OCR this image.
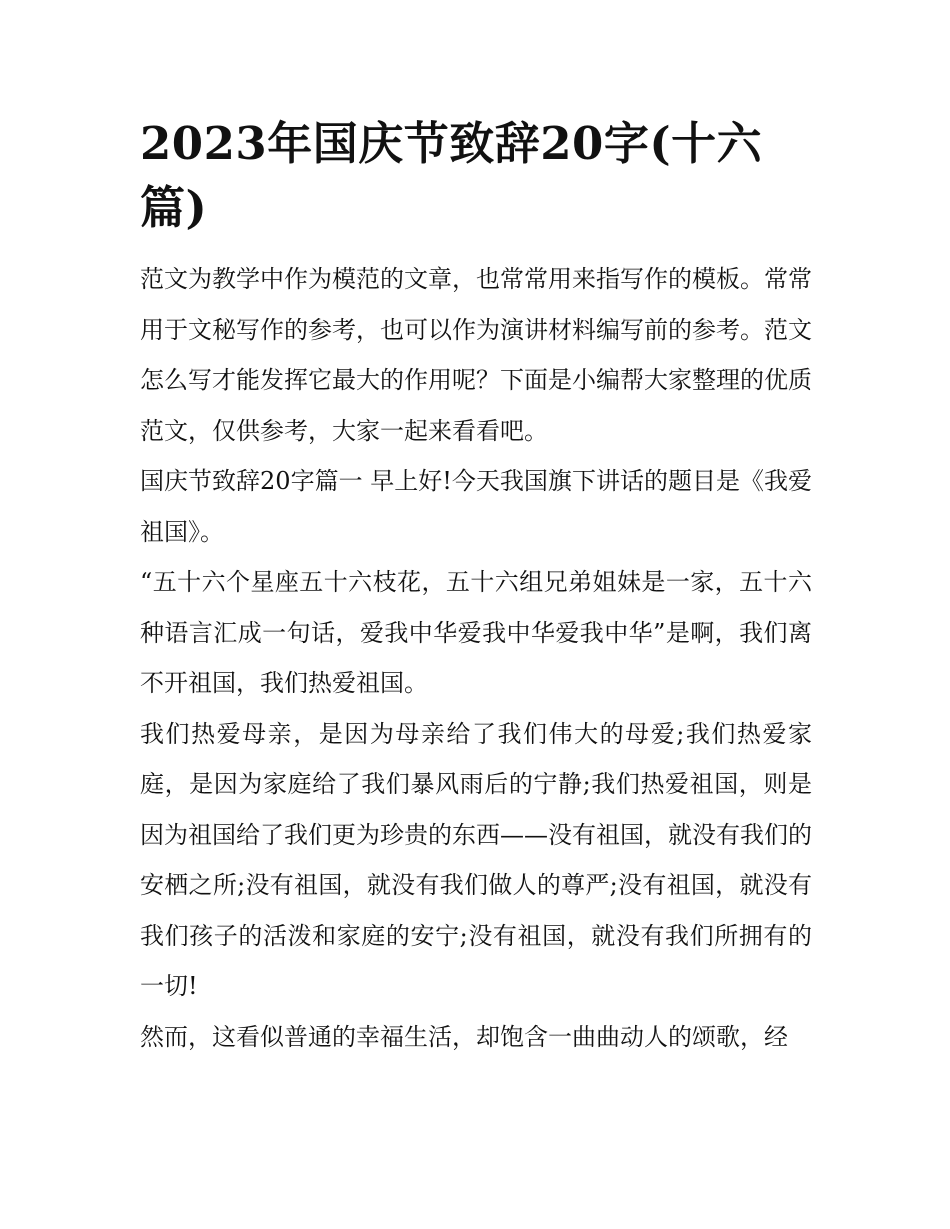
2023年国庆节致辞20字(十六篇)

范文为教学中作为模范的文章，也常常用来指写作的模板。常常用于文秘写作的参考，也可以作为演讲材料编写前的参考。范文怎么写才能发挥它最大的作用呢？下面是小编帮大家整理的优质范文，仅供参考，大家一起来看看吧。

国庆节致辞20字篇一 早上好!今天我国旗下讲话的题目是《我爱祖国》。

“五十六个星座五十六枝花，五十六组兄弟姐妹是一家，五十六种语言汇成一句话，爱我中华爱我中华爱我中华”是啊，我们离不开祖国，我们热爱祖国。

我们热爱母亲，是因为母亲给了我们伟大的母爱;我们热爱家庭，是因为家庭给了我们暴风雨后的宁静;我们热爱祖国，则是因为祖国给了我们更为珍贵的东西——没有祖国，就没有我们的安栖之所;没有祖国，就没有我们做人的尊严;没有祖国，就没有我们孩子的活泼和家庭的安宁;没有祖国，就没有我们所拥有的一切!

然而，这看似普通的幸福生活，却饱含一曲曲动人的颂歌，经
